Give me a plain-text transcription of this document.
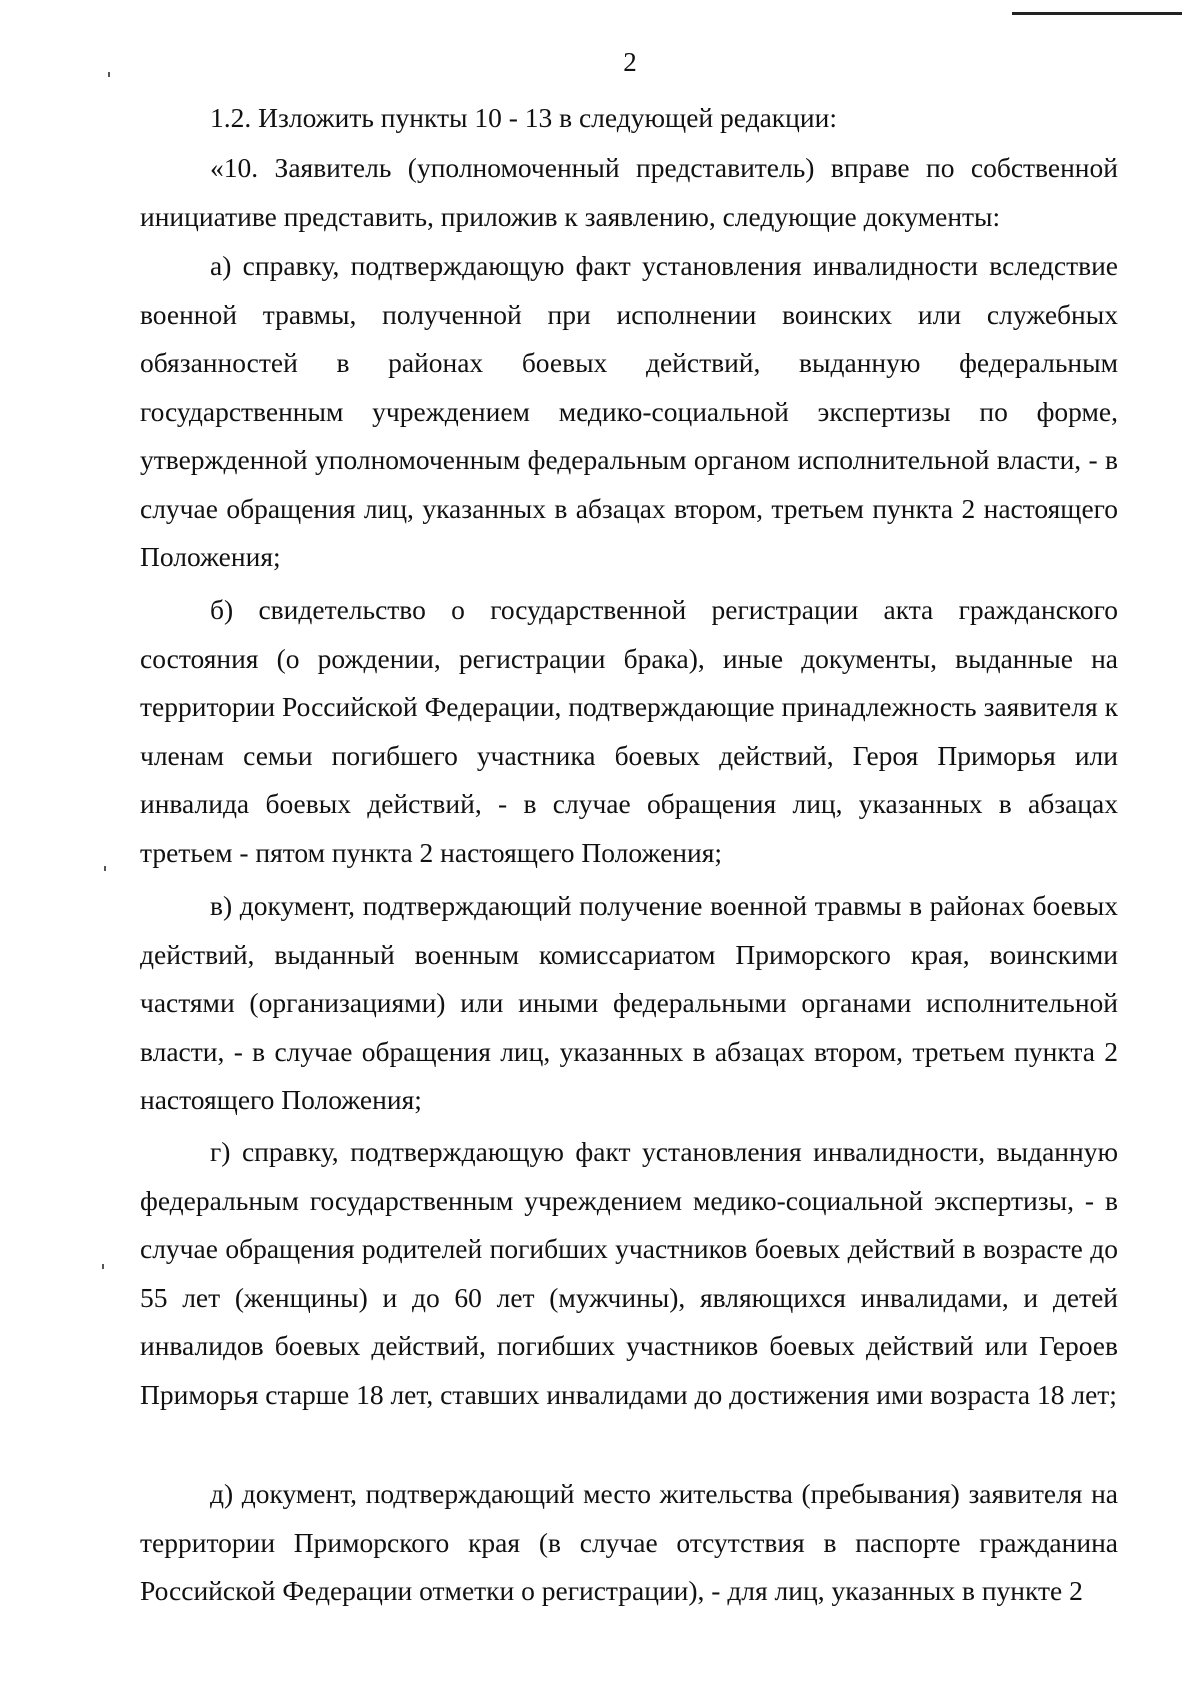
2

1.2. Изложить пункты 10 - 13 в следующей редакции:

«10. Заявитель (уполномоченный представитель) вправе по собственной инициативе представить, приложив к заявлению, следующие документы:

а) справку, подтверждающую факт установления инвалидности вследствие военной травмы, полученной при исполнении воинских или служебных обязанностей в районах боевых действий, выданную федеральным государственным учреждением медико-социальной экспертизы по форме, утвержденной уполномоченным федеральным органом исполнительной власти, - в случае обращения лиц, указанных в абзацах втором, третьем пункта 2 настоящего Положения;

б) свидетельство о государственной регистрации акта гражданского состояния (о рождении, регистрации брака), иные документы, выданные на территории Российской Федерации, подтверждающие принадлежность заявителя к членам семьи погибшего участника боевых действий, Героя Приморья или инвалида боевых действий, - в случае обращения лиц, указанных в абзацах третьем - пятом пункта 2 настоящего Положения;

в) документ, подтверждающий получение военной травмы в районах боевых действий, выданный военным комиссариатом Приморского края, воинскими частями (организациями) или иными федеральными органами исполнительной власти, - в случае обращения лиц, указанных в абзацах втором, третьем пункта 2 настоящего Положения;

г) справку, подтверждающую факт установления инвалидности, выданную федеральным государственным учреждением медико-социальной экспертизы, - в случае обращения родителей погибших участников боевых действий в возрасте до 55 лет (женщины) и до 60 лет (мужчины), являющихся инвалидами, и детей инвалидов боевых действий, погибших участников боевых действий или Героев Приморья старше 18 лет, ставших инвалидами до достижения ими возраста 18 лет;

д) документ, подтверждающий место жительства (пребывания) заявителя на территории Приморского края (в случае отсутствия в паспорте гражданина Российской Федерации отметки о регистрации), - для лиц, указанных в пункте 2
